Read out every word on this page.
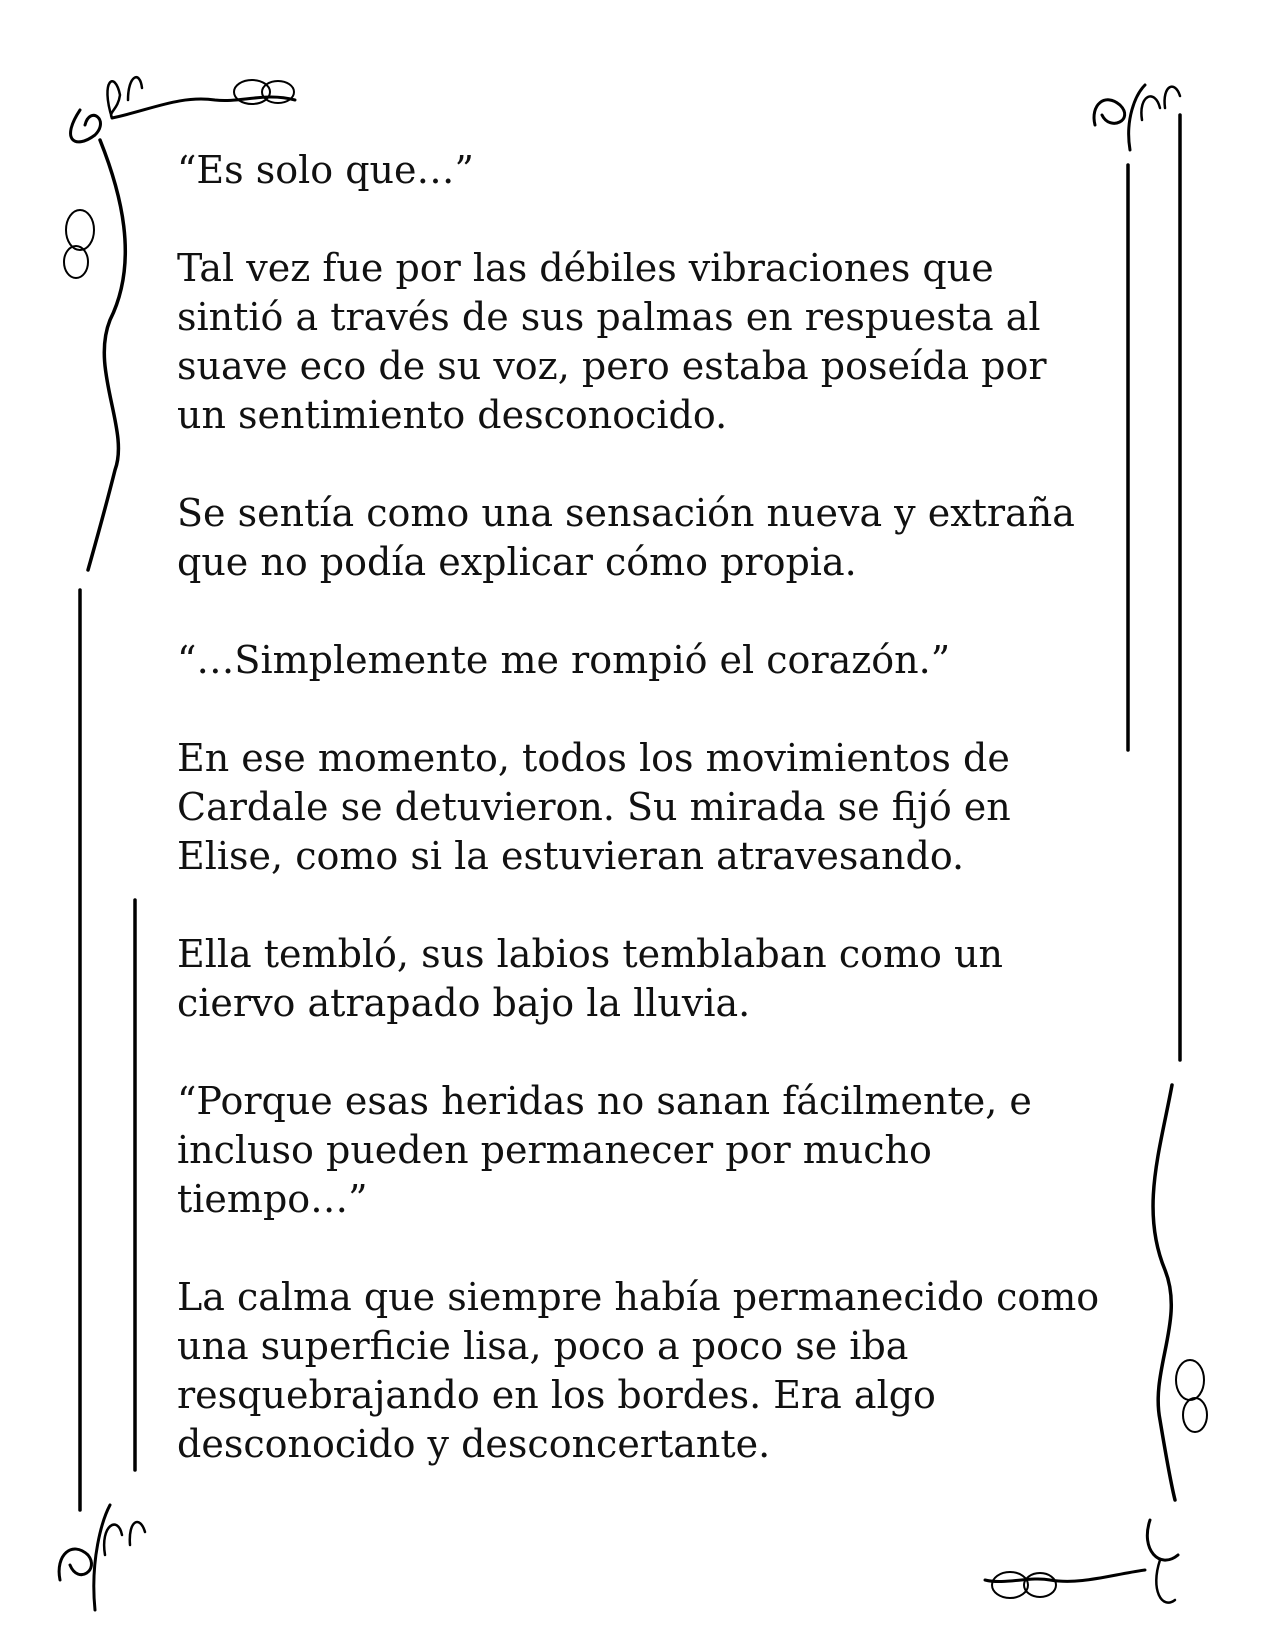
“Es solo que…”

Tal vez fue por las débiles vibraciones que sintió a través de sus palmas en respuesta al suave eco de su voz, pero estaba poseída por un sentimiento desconocido.

Se sentía como una sensación nueva y extraña que no podía explicar cómo propia.

“…Simplemente me rompió el corazón.”

En ese momento, todos los movimientos de Cardale se detuvieron. Su mirada se fijó en Elise, como si la estuvieran atravesando.

Ella tembló, sus labios temblaban como un ciervo atrapado bajo la lluvia.

“Porque esas heridas no sanan fácilmente, e incluso pueden permanecer por mucho tiempo…”

La calma que siempre había permanecido como una superficie lisa, poco a poco se iba resquebrajando en los bordes. Era algo desconocido y desconcertante.
